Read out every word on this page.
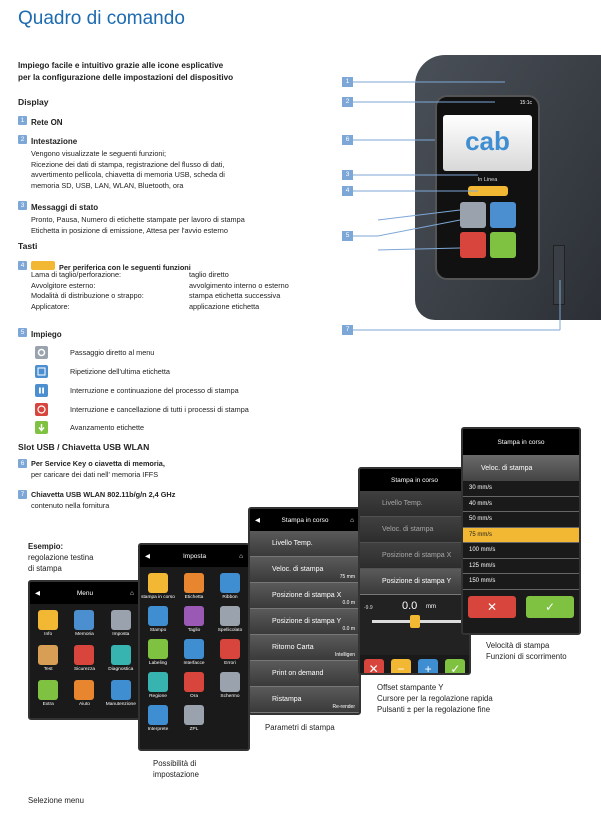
Quadro di comando
Impiego facile e intuitivo grazie alle icone esplicative
per la configurazione delle impostazioni del dispositivo
Display
1 Rete ON
2 Intestazione
Vengono visualizzate le seguenti funzioni;
Ricezione dei dati di stampa, registrazione del flusso di dati,
avvertimento pellicola, chiavetta di memoria USB, scheda di
memoria SD, USB, LAN, WLAN, Bluetooth, ora
3 Messaggi di stato
Pronto, Pausa, Numero di etichette stampate per lavoro di stampa
Etichetta in posizione di emissione, Attesa per l'avvio esterno
Tasti
4	Per periferica con le seguenti funzioni
Lama di taglio/perforazione:	taglio diretto
Avvolgitore esterno:	avvolgimento interno o esterno
Modalità di distribuzione o strappo:	stampa etichetta successiva
Applicatore:	applicazione etichetta
5 Impiego
Passaggio diretto al menu
Ripetizione dell'ultima etichetta
Interruzione e continuazione del processo di stampa
Interruzione e cancellazione di tutti i processi di stampa
Avanzamento etichette
Slot USB / Chiavetta USB WLAN
6 Per Service Key o ciavetta di memoria,
per caricare dei dati nell' memoria IFFS
7 Chiavetta USB WLAN 802.11b/g/n 2,4 GHz
contenuto nella fornitura
15:1c
cab
In Linea
1
2
6
3
4
5
7
Esempio:
regolazione testina
di stampa
◀	Menu	⌂
Info	Memoria	Imposta
Test	Sicurezza	Diagnostica
Extra	Aiuto	Manutenzione
Selezione menu
◀	Imposta	⌂
stampa in corso	Etichetta	Ribbon
Stampo	Taglio	Spellicolato
Labeling	Interfacce	Errori
Regione	Ora	Schermo
Interprete	ZPL
Possibilità di
impostazione
◀	Stampa in corso	⌂
Livello Temp.
Veloc. di stampa
75 mm
Posizione di stampa X
0.0 m
Posizione di stampa Y
0.0 m
Ritorno Carta
Intelligen
Print on demand
Ristampa
Re-render
Parametri di stampa
Stampa in corso
Livello Temp.
Veloc. di stampa
Posizione di stampa X
Posizione di stampa Y
-9.9	0.0 mm
✕	−	+	✓
Offset stampante Y
Cursore per la regolazione rapida
Pulsanti ± per la regolazione fine
Stampa in corso
Veloc. di stampa
30 mm/s
40 mm/s
50 mm/s
75 mm/s
100 mm/s
125 mm/s
150 mm/s
✕	✓
Velocità di stampa
Funzioni di scorrimento
